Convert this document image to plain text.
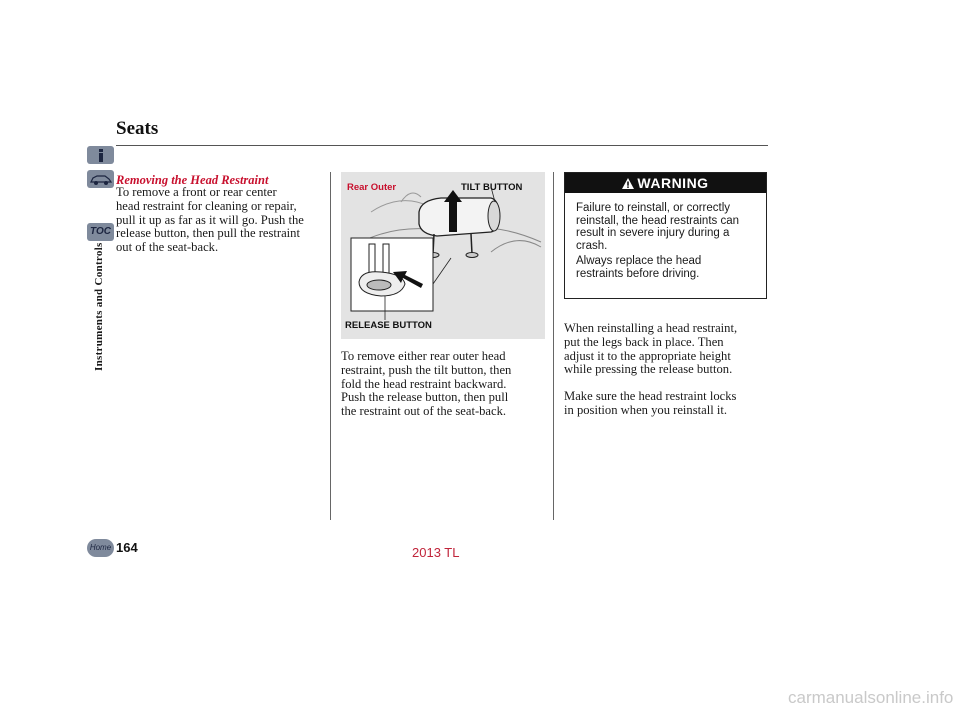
TOC
Home
Instruments and Controls
Seats
Removing the Head Restraint
To remove a front or rear center
head restraint for cleaning or repair,
pull it up as far as it will go. Push the
release button, then pull the restraint
out of the seat-back.
Rear Outer	TILT BUTTON
RELEASE BUTTON
To remove either rear outer head
restraint, push the tilt button, then
fold the head restraint backward.
Push the release button, then pull
the restraint out of the seat-back.
WARNING
Failure to reinstall, or correctly
reinstall, the head restraints can
result in severe injury during a
crash.
Always replace the head
restraints before driving.
When reinstalling a head restraint,
put the legs back in place. Then
adjust it to the appropriate height
while pressing the release button.
Make sure the head restraint locks
in position when you reinstall it.
164	2013 TL
carmanualsonline.info
